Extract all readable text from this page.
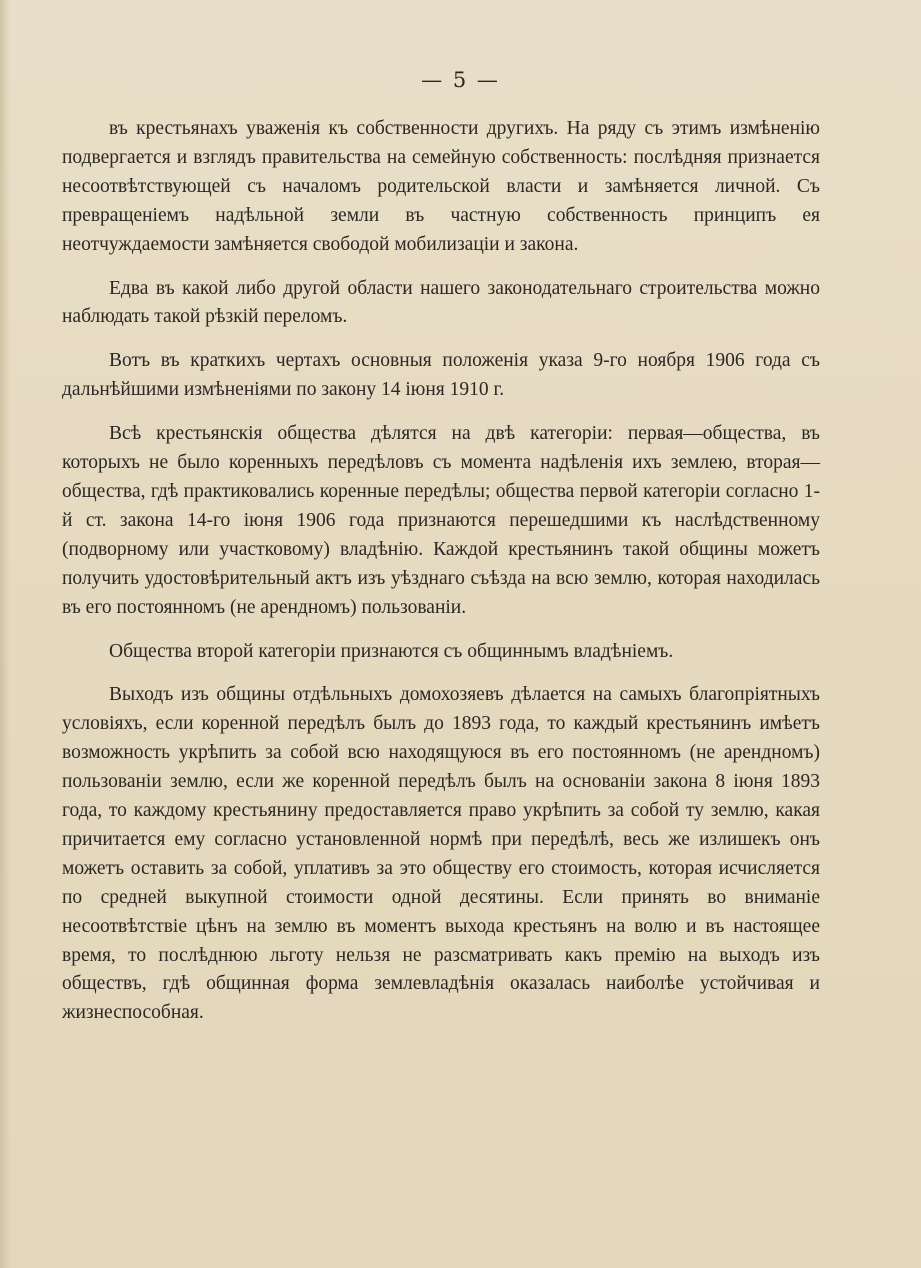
— 5 —

въ крестьянахъ уваженія къ собственности другихъ. На ряду съ этимъ измѣненію подвергается и взглядъ правительства на семейную собственность: послѣдняя признается несоотвѣтствующей съ началомъ родительской власти и замѣняется личной. Съ превращеніемъ надѣльной земли въ частную собственность принципъ ея неотчуждаемости замѣняется свободой мобилизаціи и закона.

Едва въ какой либо другой области нашего законодательнаго строительства можно наблюдать такой рѣзкій переломъ.

Вотъ въ краткихъ чертахъ основныя положенія указа 9-го ноября 1906 года съ дальнѣйшими измѣненіями по закону 14 іюня 1910 г.

Всѣ крестьянскія общества дѣлятся на двѣ категоріи: первая—общества, въ которыхъ не было коренныхъ передѣловъ съ момента надѣленія ихъ землею, вторая—общества, гдѣ практиковались коренные передѣлы; общества первой категоріи согласно 1-й ст. закона 14-го іюня 1906 года признаются перешедшими къ наслѣдственному (подворному или участковому) владѣнію. Каждой крестьянинъ такой общины можетъ получить удостовѣрительный актъ изъ уѣзднаго съѣзда на всю землю, которая находилась въ его постоянномъ (не арендномъ) пользованіи.

Общества второй категоріи признаются съ общиннымъ владѣніемъ.

Выходъ изъ общины отдѣльныхъ домохозяевъ дѣлается на самыхъ благопріятныхъ условіяхъ, если коренной передѣлъ былъ до 1893 года, то каждый крестьянинъ имѣетъ возможность укрѣпить за собой всю находящуюся въ его постоянномъ (не арендномъ) пользованіи землю, если же коренной передѣлъ былъ на основаніи закона 8 іюня 1893 года, то каждому крестьянину предоставляется право укрѣпить за собой ту землю, какая причитается ему согласно установленной нормѣ при передѣлѣ, весь же излишекъ онъ можетъ оставить за собой, уплативъ за это обществу его стоимость, которая исчисляется по средней выкупной стоимости одной десятины. Если принять во вниманіе несоотвѣтствіе цѣнъ на землю въ моментъ выхода крестьянъ на волю и въ настоящее время, то послѣднюю льготу нельзя не разсматривать какъ премію на выходъ изъ обществъ, гдѣ общинная форма землевладѣнія оказалась наиболѣе устойчивая и жизнеспособная.
